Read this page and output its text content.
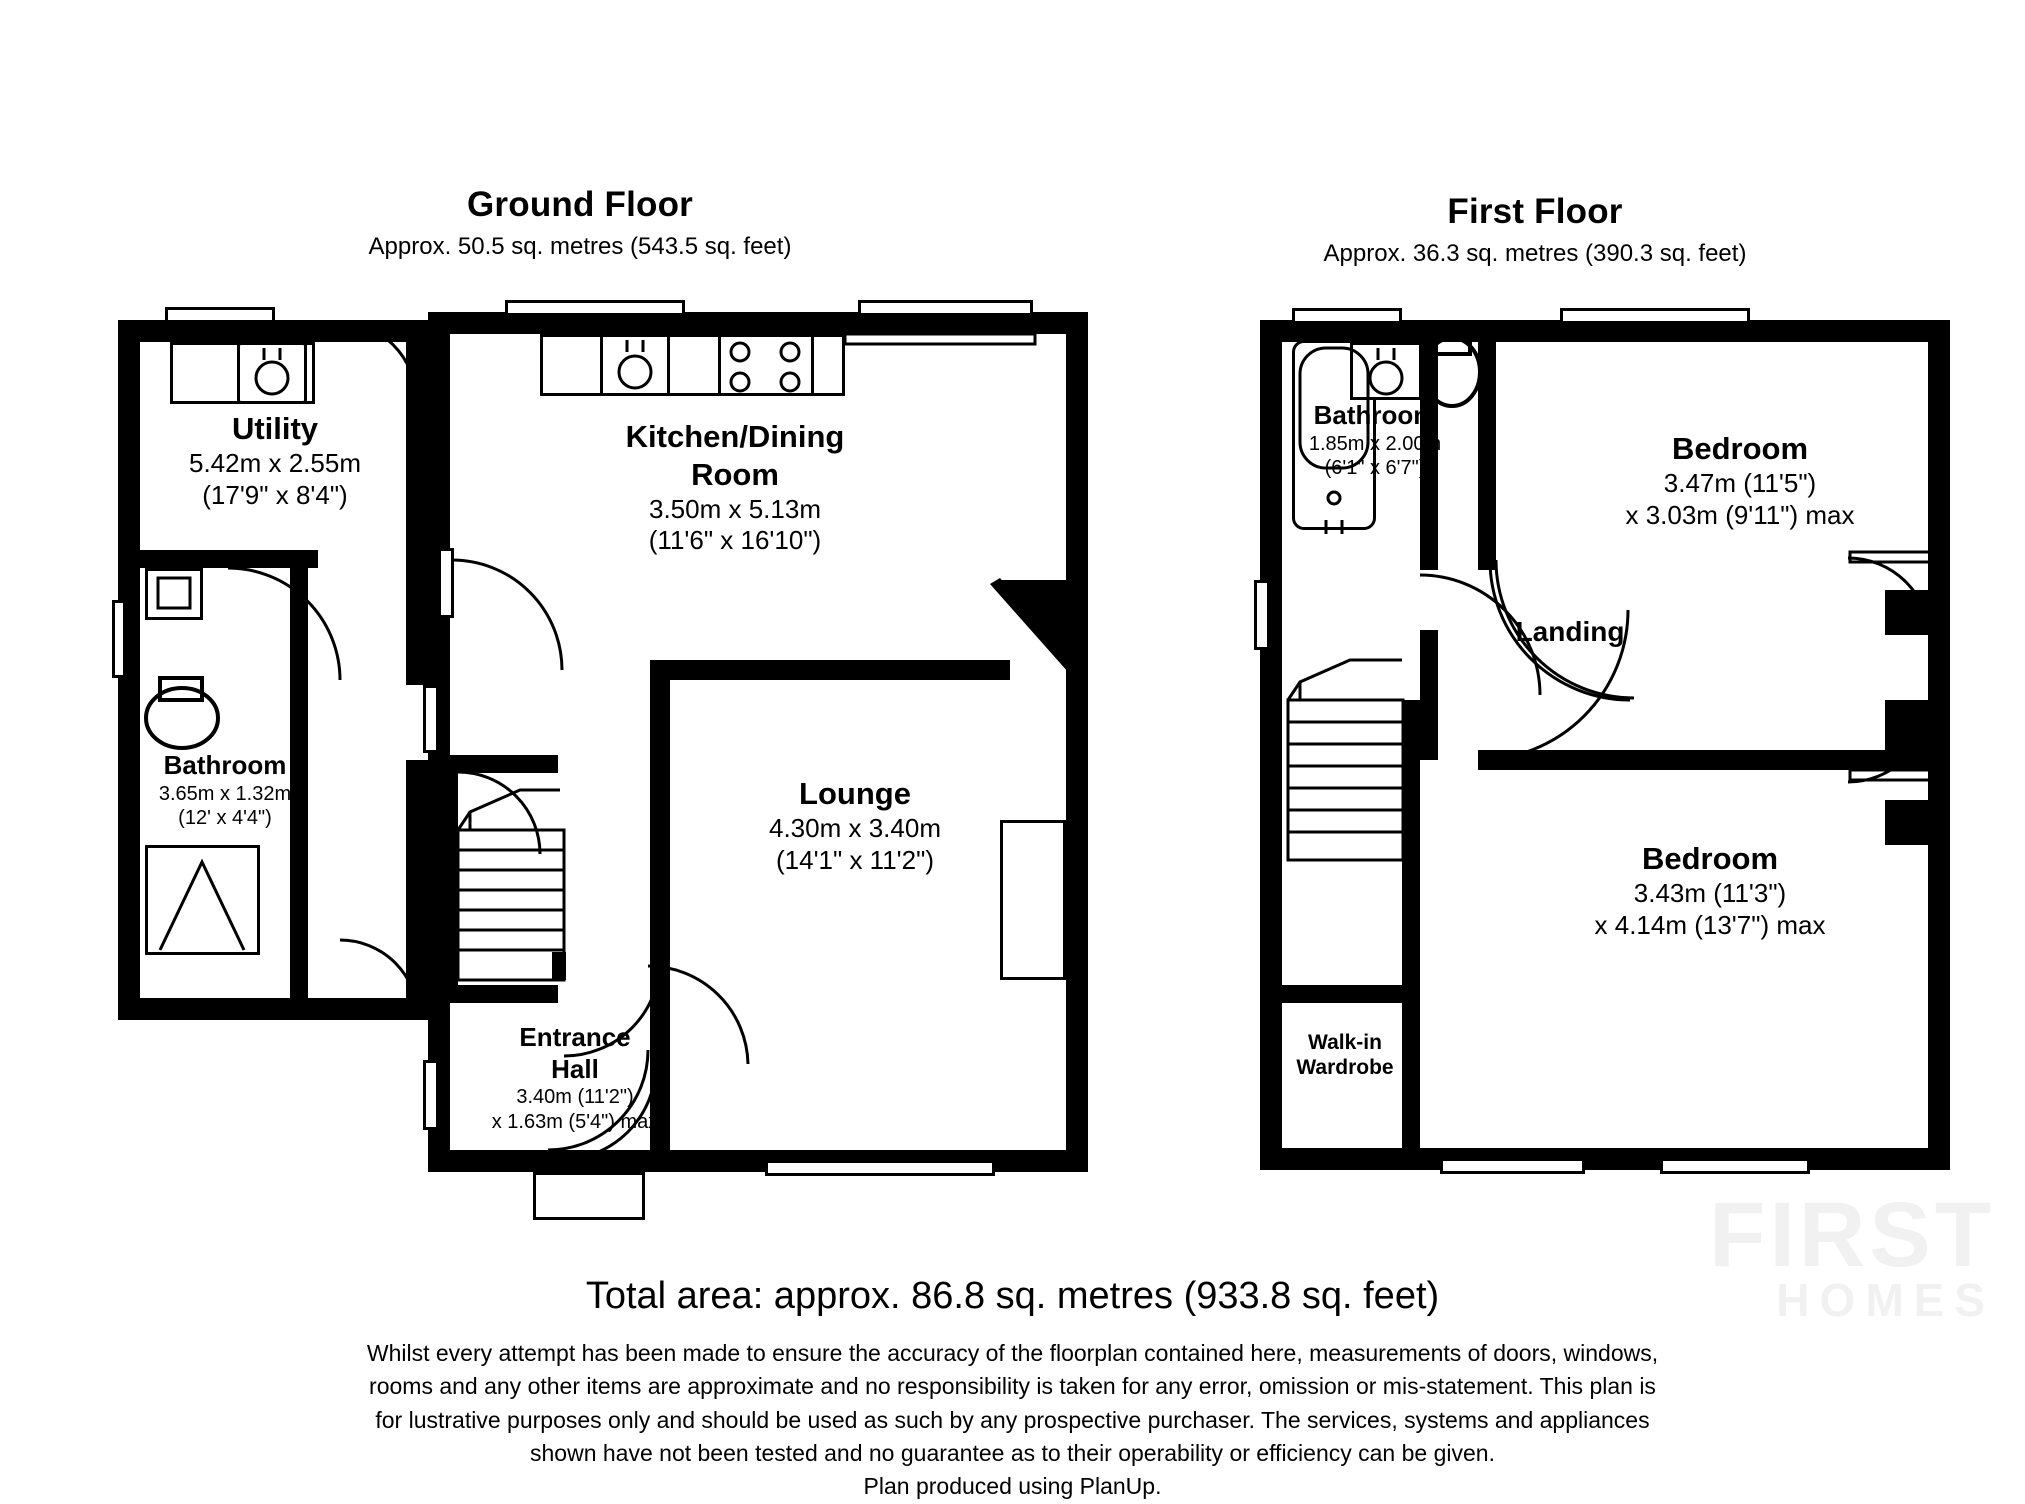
FIRST
HOMES
Ground Floor
Approx. 50.5 sq. metres (543.5 sq. feet)
First Floor
Approx. 36.3 sq. metres (390.3 sq. feet)
Utility
5.42m x 2.55m
(17'9" x 8'4")
Kitchen/Dining
Room
3.50m x 5.13m
(11'6" x 16'10")
Bathroom
3.65m x 1.32m
(12' x 4'4")
Lounge
4.30m x 3.40m
(14'1" x 11'2")
Entrance
Hall
3.40m (11'2")
x 1.63m (5'4") max
Bathroom
1.85m x 2.00m
(6'1" x 6'7")
Bedroom
3.47m (11'5")
x 3.03m (9'11") max
Landing
Bedroom
3.43m (11'3")
x 4.14m (13'7") max
Walk-in
Wardrobe
Total area: approx. 86.8 sq. metres (933.8 sq. feet)
Whilst every attempt has been made to ensure the accuracy of the floorplan contained here, measurements of doors, windows,
rooms and any other items are approximate and no responsibility is taken for any error, omission or mis-statement. This plan is
for lustrative purposes only and should be used as such by any prospective purchaser. The services, systems and appliances
shown have not been tested and no guarantee as to their operability or efficiency can be given.
Plan produced using PlanUp.
